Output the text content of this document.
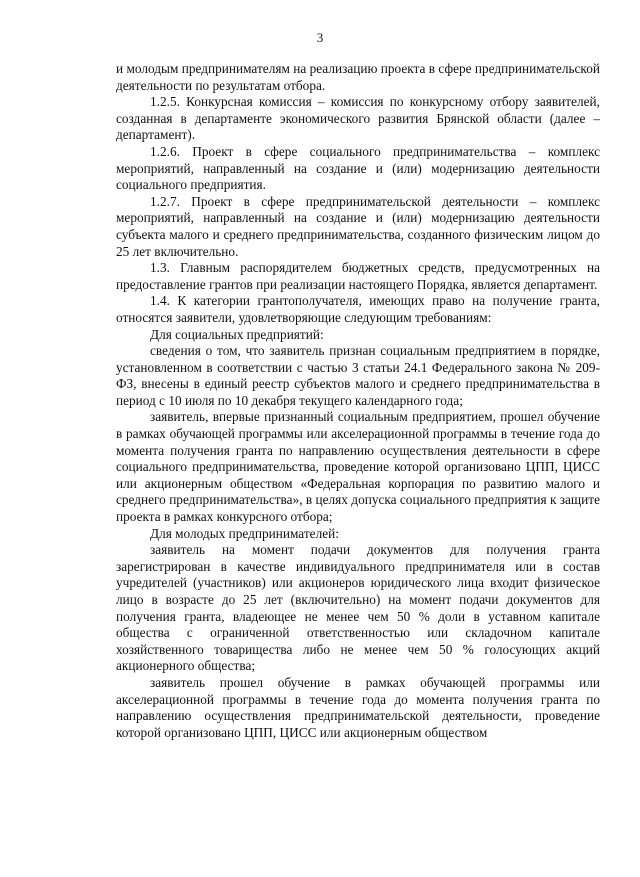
3

и молодым предпринимателям на реализацию проекта в сфере предпринимательской деятельности по результатам отбора.

1.2.5. Конкурсная комиссия – комиссия по конкурсному отбору заявителей, созданная в департаменте экономического развития Брянской области (далее – департамент).

1.2.6. Проект в сфере социального предпринимательства – комплекс мероприятий, направленный на создание и (или) модернизацию деятельности социального предприятия.

1.2.7. Проект в сфере предпринимательской деятельности – комплекс мероприятий, направленный на создание и (или) модернизацию деятельности субъекта малого и среднего предпринимательства, созданного физическим лицом до 25 лет включительно.

1.3. Главным распорядителем бюджетных средств, предусмотренных на предоставление грантов при реализации настоящего Порядка, является департамент.

1.4. К категории грантополучателя, имеющих право на получение гранта, относятся заявители, удовлетворяющие следующим требованиям:

Для социальных предприятий:

сведения о том, что заявитель признан социальным предприятием в порядке, установленном в соответствии с частью 3 статьи 24.1 Федерального закона № 209-ФЗ, внесены в единый реестр субъектов малого и среднего предпринимательства в период с 10 июля по 10 декабря текущего календарного года;

заявитель, впервые признанный социальным предприятием, прошел обучение в рамках обучающей программы или акселерационной программы в течение года до момента получения гранта по направлению осуществления деятельности в сфере социального предпринимательства, проведение которой организовано ЦПП, ЦИСС или акционерным обществом «Федеральная корпорация по развитию малого и среднего предпринимательства», в целях допуска социального предприятия к защите проекта в рамках конкурсного отбора;

Для молодых предпринимателей:

заявитель на момент подачи документов для получения гранта зарегистрирован в качестве индивидуального предпринимателя или в состав учредителей (участников) или акционеров юридического лица входит физическое лицо в возрасте до 25 лет (включительно) на момент подачи документов для получения гранта, владеющее не менее чем 50 % доли в уставном капитале общества с ограниченной ответственностью или складочном капитале хозяйственного товарищества либо не менее чем 50 % голосующих акций акционерного общества;

заявитель прошел обучение в рамках обучающей программы или акселерационной программы в течение года до момента получения гранта по направлению осуществления предпринимательской деятельности, проведение которой организовано ЦПП, ЦИСС или акционерным обществом
